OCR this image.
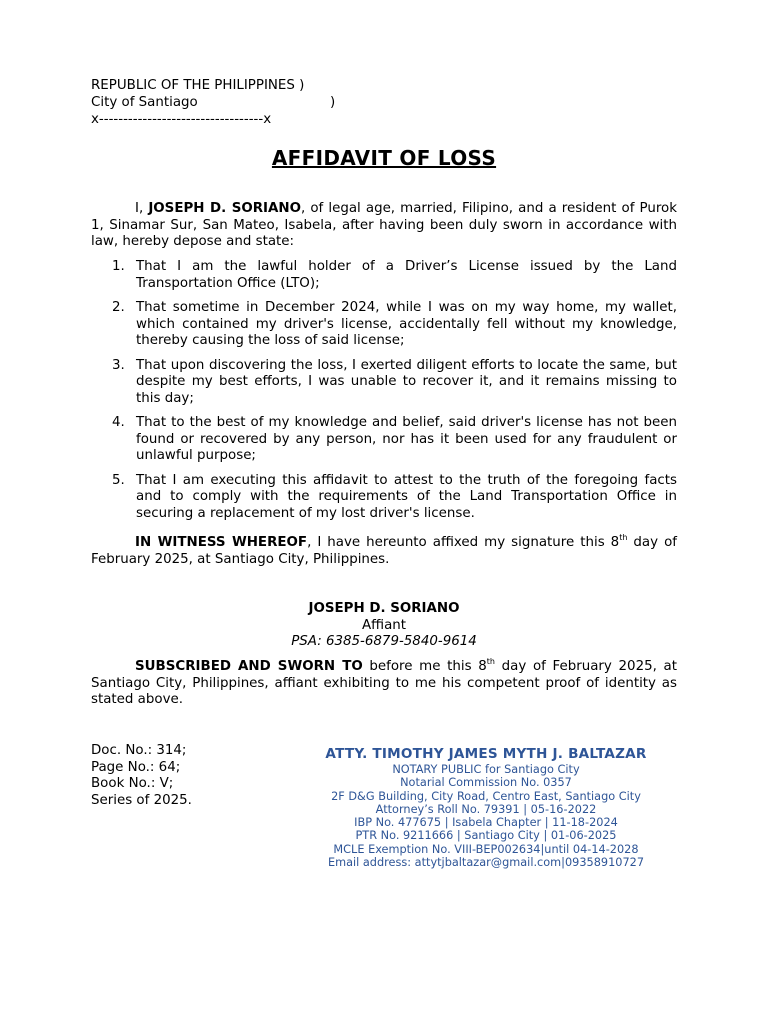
REPUBLIC OF THE PHILIPPINES )
City of Santiago	)
x----------------------------------x
AFFIDAVIT OF LOSS
I, JOSEPH D. SORIANO, of legal age, married, Filipino, and a resident of Purok 1, Sinamar Sur, San Mateo, Isabela, after having been duly sworn in accordance with law, hereby depose and state:
1. That I am the lawful holder of a Driver’s License issued by the Land Transportation Office (LTO);
2. That sometime in December 2024, while I was on my way home, my wallet, which contained my driver's license, accidentally fell without my knowledge, thereby causing the loss of said license;
3. That upon discovering the loss, I exerted diligent efforts to locate the same, but despite my best efforts, I was unable to recover it, and it remains missing to this day;
4. That to the best of my knowledge and belief, said driver's license has not been found or recovered by any person, nor has it been used for any fraudulent or unlawful purpose;
5. That I am executing this affidavit to attest to the truth of the foregoing facts and to comply with the requirements of the Land Transportation Office in securing a replacement of my lost driver's license.
IN WITNESS WHEREOF, I have hereunto affixed my signature this 8th day of February 2025, at Santiago City, Philippines.
JOSEPH D. SORIANO
Affiant
PSA: 6385-6879-5840-9614
SUBSCRIBED AND SWORN TO before me this 8th day of February 2025, at Santiago City, Philippines, affiant exhibiting to me his competent proof of identity as stated above.
Doc. No.: 314;
Page No.: 64;
Book No.: V;
Series of 2025.
ATTY. TIMOTHY JAMES MYTH J. BALTAZAR
NOTARY PUBLIC for Santiago City
Notarial Commission No. 0357
2F D&G Building, City Road, Centro East, Santiago City
Attorney’s Roll No. 79391 | 05-16-2022
IBP No. 477675 | Isabela Chapter | 11-18-2024
PTR No. 9211666 | Santiago City | 01-06-2025
MCLE Exemption No. VIII-BEP002634|until 04-14-2028
Email address: attytjbaltazar@gmail.com|09358910727
